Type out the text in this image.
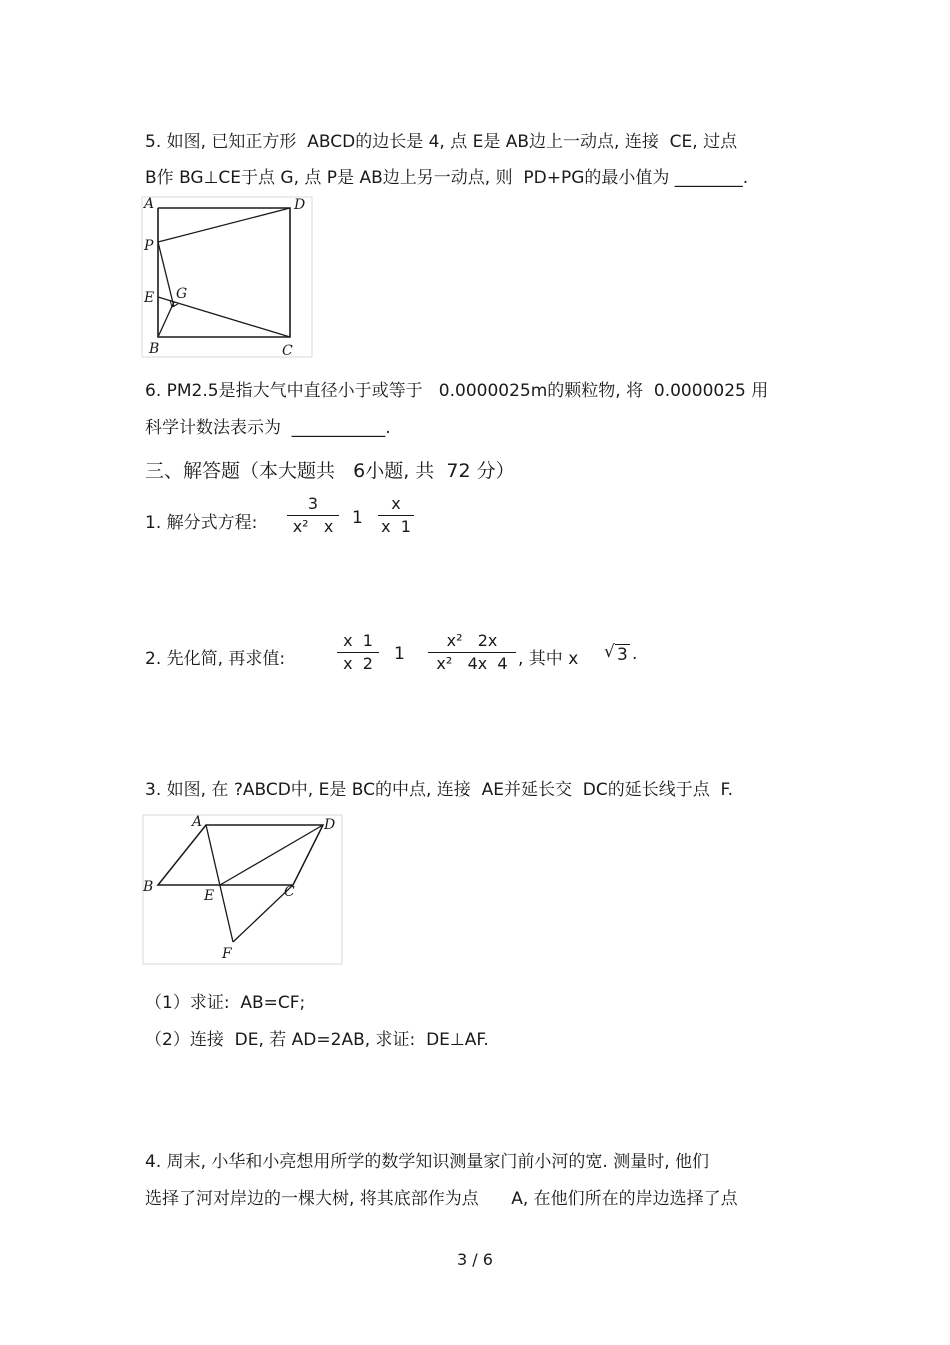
5. 如图, 已知正方形  ABCD的边长是 4, 点 E是 AB边上一动点, 连接  CE, 过点
B作 BG⊥CE于点 G, 点 P是 AB边上另一动点, 则  PD+PG的最小值为 ________.
A	D
P
E G
B	C
6. PM2.5是指大气中直径小于或等于   0.0000025m的颗粒物, 将  0.0000025 用
科学计数法表示为  ___________.
三、解答题（本大题共   6小题, 共  72 分）
1. 解分式方程:
3
x²   x	1
x
x  1
2. 先化简, 再求值:
x  1
x  2	1
x²   2x
x²   4x  4 , 其中 x √ 3 .
3. 如图, 在 ?ABCD中, E是 BC的中点, 连接  AE并延长交  DC的延长线于点  F.
A	D
B
E	C
F
（1）求证:  AB=CF;
（2）连接  DE, 若 AD=2AB, 求证:  DE⊥AF.
4. 周末, 小华和小亮想用所学的数学知识测量家门前小河的宽. 测量时, 他们
选择了河对岸边的一棵大树, 将其底部作为点      A, 在他们所在的岸边选择了点
3 / 6
